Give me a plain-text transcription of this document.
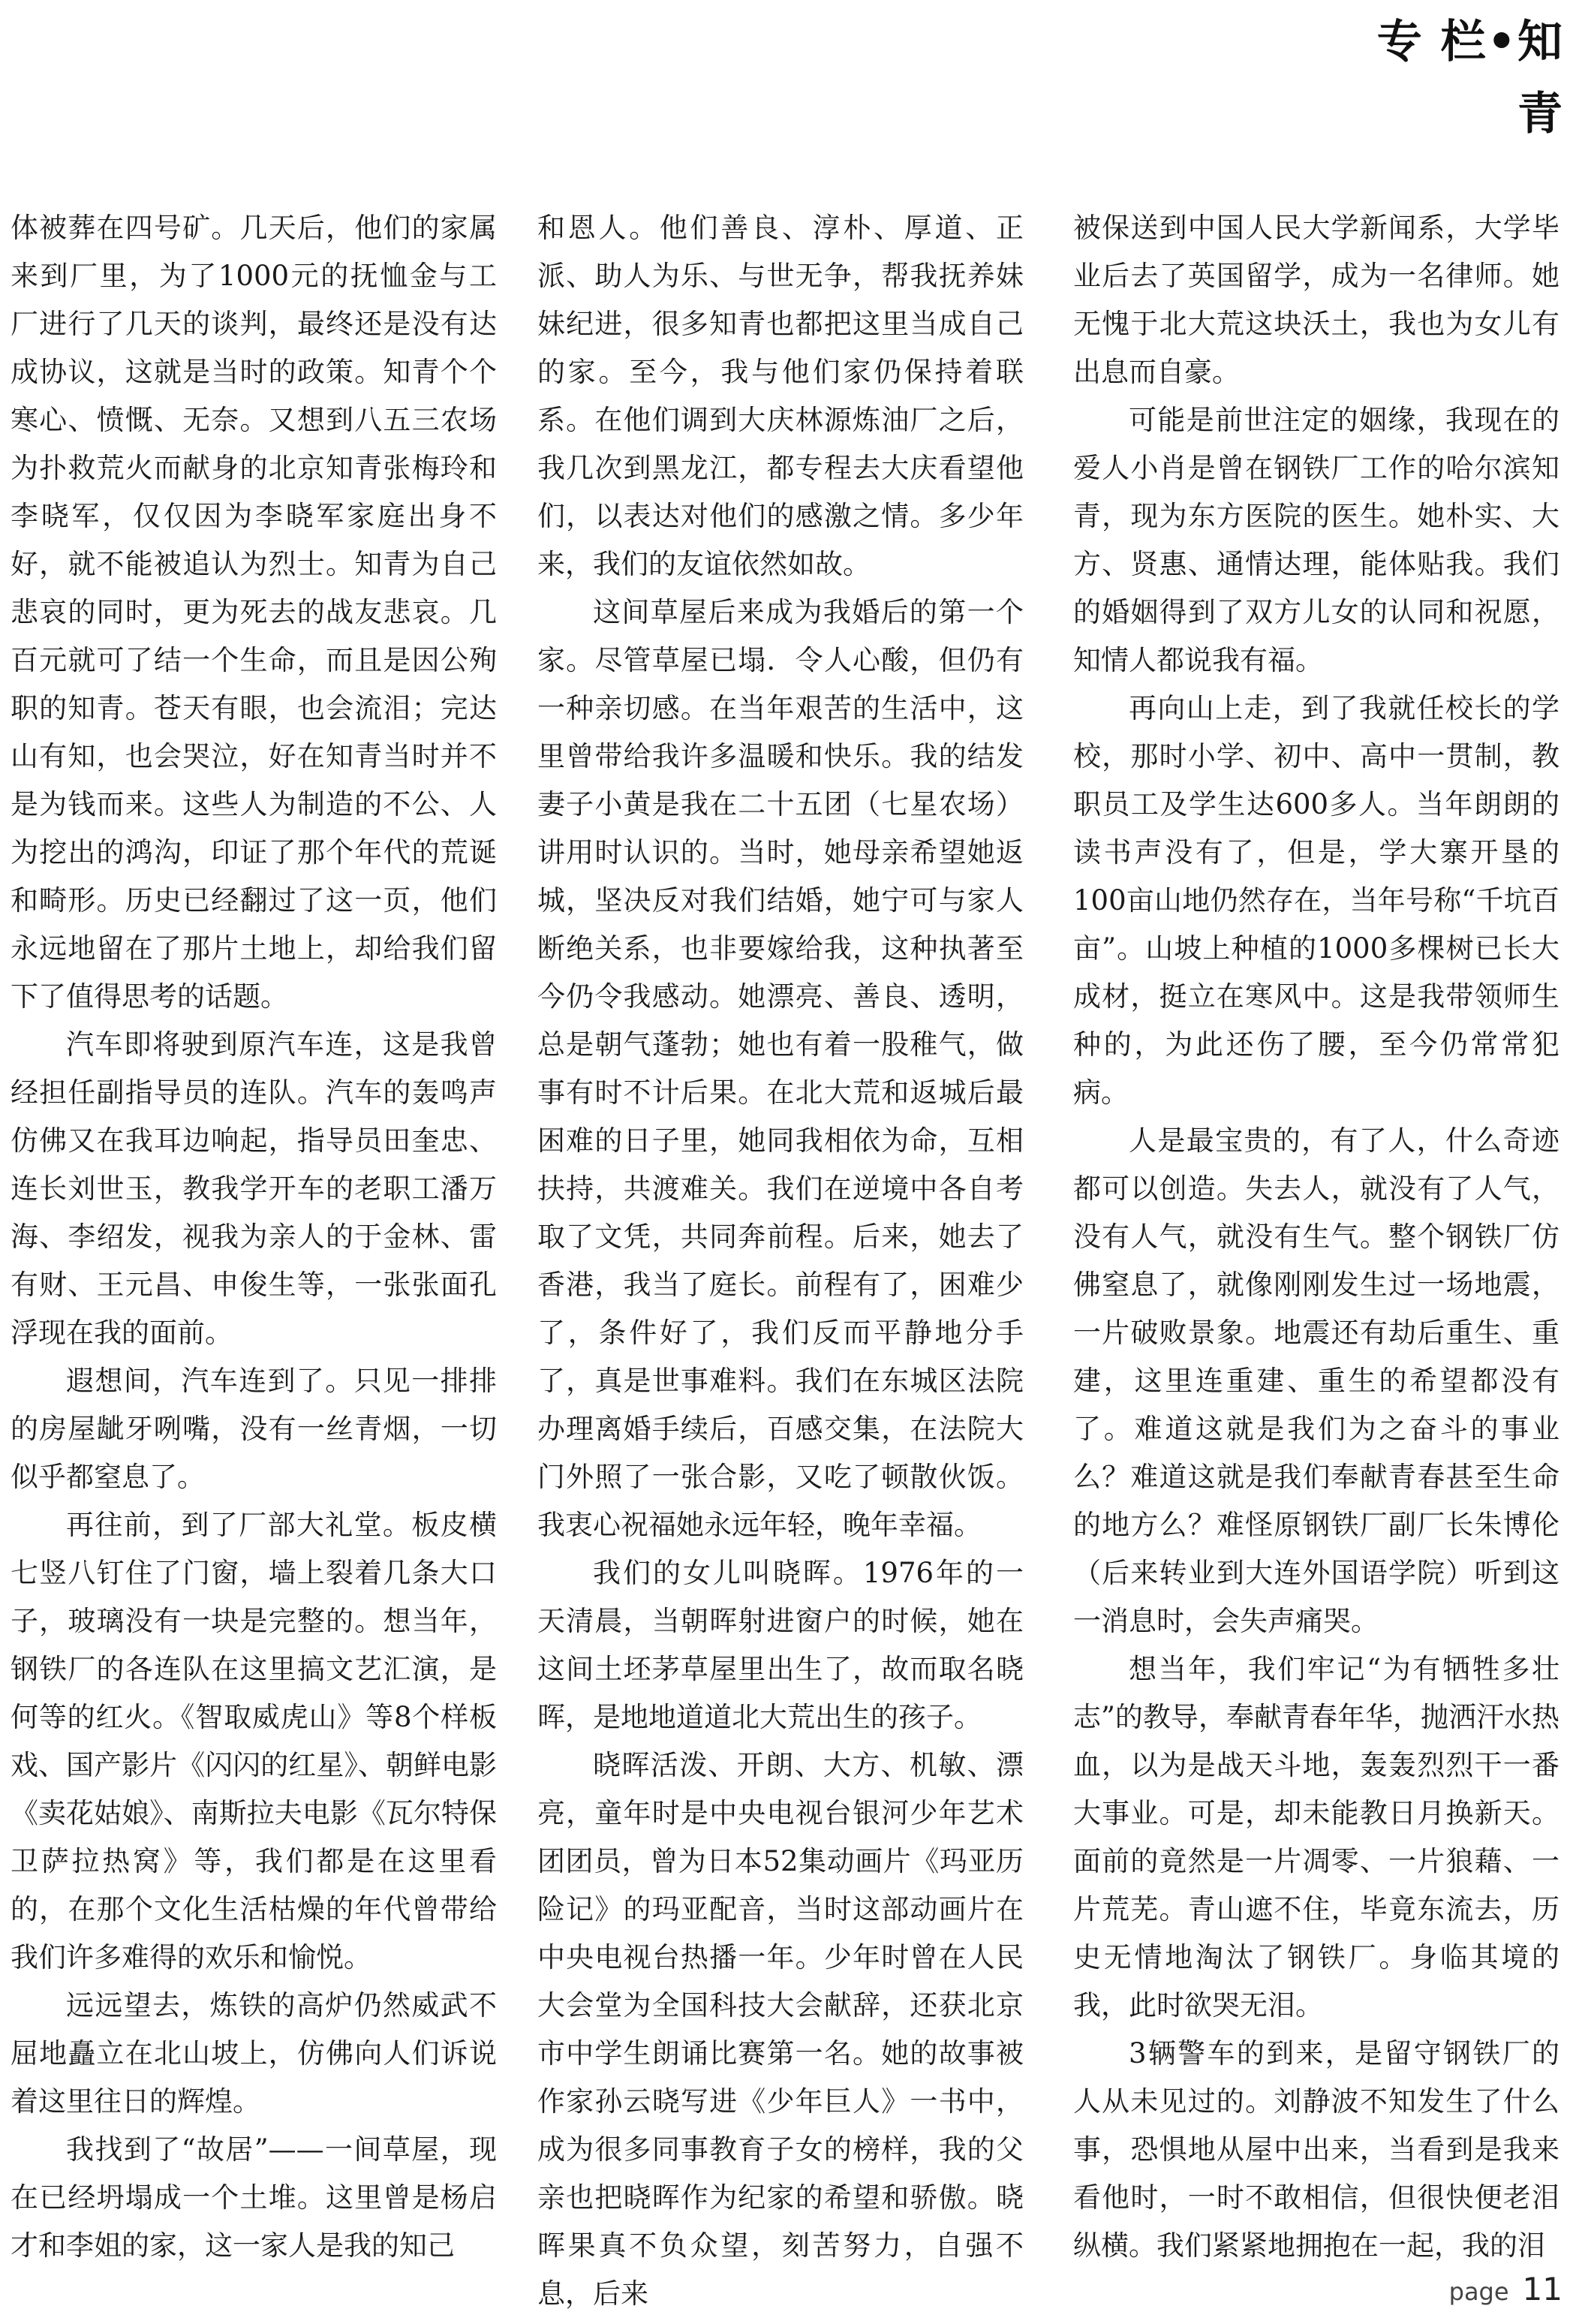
专 栏•知青

体被葬在四号矿。几天后，他们的家属来到厂里，为了1000元的抚恤金与工厂进行了几天的谈判，最终还是没有达成协议，这就是当时的政策。知青个个寒心、愤慨、无奈。又想到八五三农场为扑救荒火而献身的北京知青张梅玲和李晓军，仅仅因为李晓军家庭出身不好，就不能被追认为烈士。知青为自己悲哀的同时，更为死去的战友悲哀。几百元就可了结一个生命，而且是因公殉职的知青。苍天有眼，也会流泪；完达山有知，也会哭泣，好在知青当时并不是为钱而来。这些人为制造的不公、人为挖出的鸿沟，印证了那个年代的荒诞和畸形。历史已经翻过了这一页，他们永远地留在了那片土地上，却给我们留下了值得思考的话题。

汽车即将驶到原汽车连，这是我曾经担任副指导员的连队。汽车的轰鸣声仿佛又在我耳边响起，指导员田奎忠、连长刘世玉，教我学开车的老职工潘万海、李绍发，视我为亲人的于金林、雷有财、王元昌、申俊生等，一张张面孔浮现在我的面前。

遐想间，汽车连到了。只见一排排的房屋龇牙咧嘴，没有一丝青烟，一切似乎都窒息了。

再往前，到了厂部大礼堂。板皮横七竖八钉住了门窗，墙上裂着几条大口子，玻璃没有一块是完整的。想当年，钢铁厂的各连队在这里搞文艺汇演，是何等的红火。《智取威虎山》等8个样板戏、国产影片《闪闪的红星》、朝鲜电影《卖花姑娘》、南斯拉夫电影《瓦尔特保卫萨拉热窝》等，我们都是在这里看的，在那个文化生活枯燥的年代曾带给我们许多难得的欢乐和愉悦。

远远望去，炼铁的高炉仍然威武不屈地矗立在北山坡上，仿佛向人们诉说着这里往日的辉煌。

我找到了“故居”——一间草屋，现在已经坍塌成一个土堆。这里曾是杨启才和李姐的家，这一家人是我的知己

和恩人。他们善良、淳朴、厚道、正派、助人为乐、与世无争，帮我抚养妹妹纪进，很多知青也都把这里当成自己的家。至今，我与他们家仍保持着联系。在他们调到大庆林源炼油厂之后，我几次到黑龙江，都专程去大庆看望他们，以表达对他们的感激之情。多少年来，我们的友谊依然如故。

这间草屋后来成为我婚后的第一个家。尽管草屋已塌．令人心酸，但仍有一种亲切感。在当年艰苦的生活中，这里曾带给我许多温暖和快乐。我的结发妻子小黄是我在二十五团（七星农场）讲用时认识的。当时，她母亲希望她返城，坚决反对我们结婚，她宁可与家人断绝关系，也非要嫁给我，这种执著至今仍令我感动。她漂亮、善良、透明，总是朝气蓬勃；她也有着一股稚气，做事有时不计后果。在北大荒和返城后最困难的日子里，她同我相依为命，互相扶持，共渡难关。我们在逆境中各自考取了文凭，共同奔前程。后来，她去了香港，我当了庭长。前程有了，困难少了，条件好了，我们反而平静地分手了，真是世事难料。我们在东城区法院办理离婚手续后，百感交集，在法院大门外照了一张合影，又吃了顿散伙饭。我衷心祝福她永远年轻，晚年幸福。

我们的女儿叫晓晖。1976年的一天清晨，当朝晖射进窗户的时候，她在这间土坯茅草屋里出生了，故而取名晓晖，是地地道道北大荒出生的孩子。

晓晖活泼、开朗、大方、机敏、漂亮，童年时是中央电视台银河少年艺术团团员，曾为日本52集动画片《玛亚历险记》的玛亚配音，当时这部动画片在中央电视台热播一年。少年时曾在人民大会堂为全国科技大会献辞，还获北京市中学生朗诵比赛第一名。她的故事被作家孙云晓写进《少年巨人》一书中，成为很多同事教育子女的榜样，我的父亲也把晓晖作为纪家的希望和骄傲。晓晖果真不负众望，刻苦努力，自强不息，后来

被保送到中国人民大学新闻系，大学毕业后去了英国留学，成为一名律师。她无愧于北大荒这块沃土，我也为女儿有出息而自豪。

可能是前世注定的姻缘，我现在的爱人小肖是曾在钢铁厂工作的哈尔滨知青，现为东方医院的医生。她朴实、大方、贤惠、通情达理，能体贴我。我们的婚姻得到了双方儿女的认同和祝愿，知情人都说我有福。

再向山上走，到了我就任校长的学校，那时小学、初中、高中一贯制，教职员工及学生达600多人。当年朗朗的读书声没有了，但是，学大寨开垦的100亩山地仍然存在，当年号称“千坑百亩”。山坡上种植的1000多棵树已长大成材，挺立在寒风中。这是我带领师生种的，为此还伤了腰，至今仍常常犯病。

人是最宝贵的，有了人，什么奇迹都可以创造。失去人，就没有了人气，没有人气，就没有生气。整个钢铁厂仿佛窒息了，就像刚刚发生过一场地震，一片破败景象。地震还有劫后重生、重建，这里连重建、重生的希望都没有了。难道这就是我们为之奋斗的事业么？难道这就是我们奉献青春甚至生命的地方么？难怪原钢铁厂副厂长朱博伦（后来转业到大连外国语学院）听到这一消息时，会失声痛哭。

想当年，我们牢记“为有牺牲多壮志”的教导，奉献青春年华，抛洒汗水热血，以为是战天斗地，轰轰烈烈干一番大事业。可是，却未能教日月换新天。面前的竟然是一片凋零、一片狼藉、一片荒芜。青山遮不住，毕竟东流去，历史无情地淘汰了钢铁厂。身临其境的我，此时欲哭无泪。

3辆警车的到来，是留守钢铁厂的人从未见过的。刘静波不知发生了什么事，恐惧地从屋中出来，当看到是我来看他时，一时不敢相信，但很快便老泪纵横。我们紧紧地拥抱在一起，我的泪

page 11
